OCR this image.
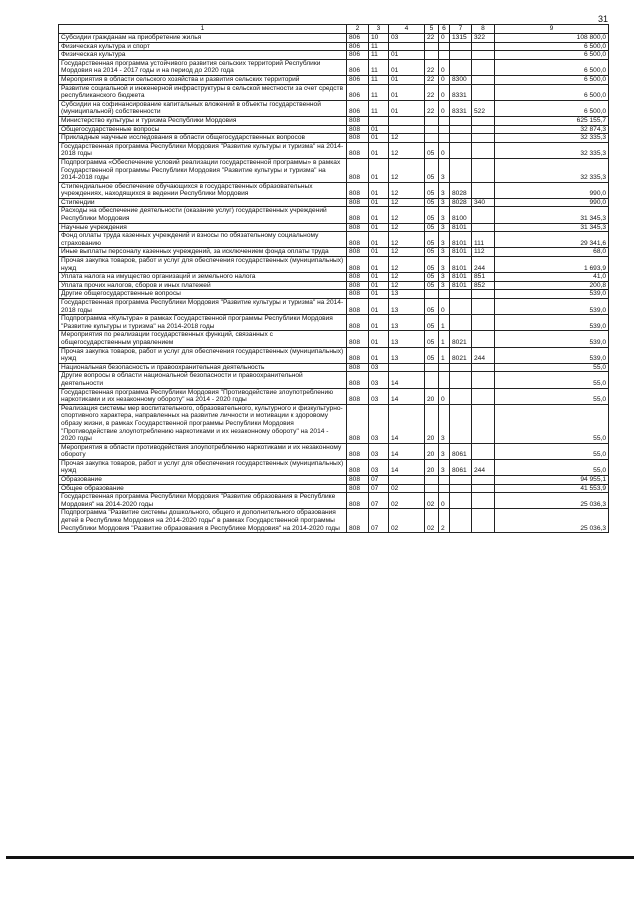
31
1	2	3	4	5	6	7	8	9
Субсидии гражданам на приобретение жилья	806	10	03	22	0	1315	322	108 800,0
Физическая культура и спорт	806	11						6 500,0
Физическая культура	806	11	01					6 500,0
Государственная программа устойчивого развития сельских территорий Республики Мордовия на 2014 - 2017 годы и на период до 2020 года	806	11	01	22	0			6 500,0
Мероприятия в области сельского хозяйства и развития сельских территорий	806	11	01	22	0	8300		6 500,0
Развитие социальной и инженерной инфраструктуры в сельской местности за счет средств республиканского бюджета	806	11	01	22	0	8331		6 500,0
Субсидии на софинансирование капитальных вложений в объекты государственной (муниципальной) собственности	806	11	01	22	0	8331	522	6 500,0
Министерство культуры и туризма Республики Мордовия	808							625 155,7
Общегосударственные вопросы	808	01						32 874,3
Прикладные научные исследования в области общегосударственных вопросов	808	01	12					32 335,3
Государственная программа Республики Мордовия "Развитие культуры и туризма" на 2014-2018 годы	808	01	12	05	0			32 335,3
Подпрограмма «Обеспечение условий реализации государственной программы» в рамках Государственной программы Республики Мордовия "Развитие культуры и туризма" на 2014-2018 годы	808	01	12	05	3			32 335,3
Стипендиальное обеспечение обучающихся в государственных образовательных учреждениях, находящихся в ведении Республики Мордовия	808	01	12	05	3	8028		990,0
Стипендии	808	01	12	05	3	8028	340	990,0
Расходы на обеспечение деятельности (оказание услуг) государственных учреждений Республики Мордовия	808	01	12	05	3	8100		31 345,3
Научные учреждения	808	01	12	05	3	8101		31 345,3
Фонд оплаты труда казенных учреждений и взносы по обязательному социальному страхованию	808	01	12	05	3	8101	111	29 341,6
Иные выплаты персоналу казенных учреждений, за исключением фонда оплаты труда	808	01	12	05	3	8101	112	68,0
Прочая закупка товаров, работ и услуг для обеспечения государственных (муниципальных) нужд	808	01	12	05	3	8101	244	1 693,9
Уплата налога на имущество организаций и земельного налога	808	01	12	05	3	8101	851	41,0
Уплата прочих налогов, сборов и иных платежей	808	01	12	05	3	8101	852	200,8
Другие общегосударственные вопросы	808	01	13					539,0
Государственная программа Республики Мордовия "Развитие культуры и туризма" на 2014-2018 годы	808	01	13	05	0			539,0
Подпрограмма «Культура» в рамках Государственной программы Республики Мордовия "Развитие культуры и туризма" на 2014-2018 годы	808	01	13	05	1			539,0
Мероприятия по реализации государственных функций, связанных с общегосударственным управлением	808	01	13	05	1	8021		539,0
Прочая закупка товаров, работ и услуг для обеспечения государственных (муниципальных) нужд	808	01	13	05	1	8021	244	539,0
Национальная безопасность и правоохранительная деятельность	808	03						55,0
Другие вопросы в области национальной безопасности и правоохранительной деятельности	808	03	14					55,0
Государственная программа Республики Мордовия "Противодействие злоупотреблению наркотиками и их незаконному обороту" на 2014 - 2020 годы	808	03	14	20	0			55,0
Реализация системы мер воспитательного, образовательного, культурного и физкультурно-спортивного характера, направленных на развитие личности и мотивации к здоровому образу жизни, в рамках Государственной программы Республики Мордовия "Противодействие злоупотреблению наркотиками и их незаконному обороту" на 2014 - 2020 годы	808	03	14	20	3			55,0
Мероприятия в области противодействия злоупотреблению наркотиками и их незаконному обороту	808	03	14	20	3	8061		55,0
Прочая закупка товаров, работ и услуг для обеспечения государственных (муниципальных) нужд	808	03	14	20	3	8061	244	55,0
Образование	808	07						94 955,1
Общее образование	808	07	02					41 553,9
Государственная программа Республики Мордовия "Развитие образования в Республике Мордовия" на 2014-2020 годы	808	07	02	02	0			25 036,3
Подпрограмма "Развитие системы дошкольного, общего и дополнительного образования детей в Республике Мордовия на 2014-2020 годы" в рамках Государственной программы Республики Мордовия "Развитие образования в Республике Мордовия" на 2014-2020 годы	808	07	02	02	2			25 036,3
